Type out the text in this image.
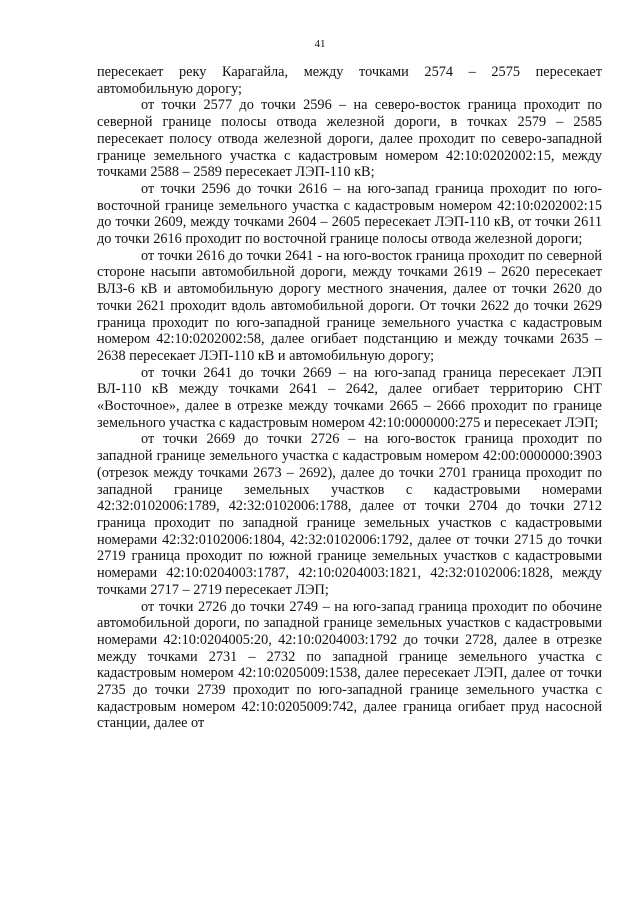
41

пересекает реку Карагайла, между точками 2574 – 2575 пересекает автомобильную дорогу;

от точки 2577 до точки 2596 – на северо-восток граница проходит по северной границе полосы отвода железной дороги, в точках 2579 – 2585 пересекает полосу отвода железной дороги, далее проходит по северо-западной границе земельного участка с кадастровым номером 42:10:0202002:15, между точками 2588 – 2589 пересекает ЛЭП-110 кВ;

от точки 2596 до точки 2616 – на юго-запад граница проходит по юго-восточной границе земельного участка с кадастровым номером 42:10:0202002:15 до точки 2609, между точками 2604 – 2605 пересекает ЛЭП-110 кВ, от точки 2611 до точки 2616 проходит по восточной границе полосы отвода железной дороги;

от точки 2616 до точки 2641 - на юго-восток граница проходит по северной стороне насыпи автомобильной дороги, между точками 2619 – 2620 пересекает ВЛЗ-6 кВ и автомобильную дорогу местного значения, далее от точки 2620 до точки 2621 проходит вдоль автомобильной дороги. От точки 2622 до точки 2629 граница проходит по юго-западной границе земельного участка с кадастровым номером 42:10:0202002:58, далее огибает подстанцию и между точками 2635 – 2638 пересекает ЛЭП-110 кВ и автомобильную дорогу;

от точки 2641 до точки 2669 – на юго-запад граница пересекает ЛЭП ВЛ-110 кВ между точками 2641 – 2642, далее огибает территорию СНТ «Восточное», далее в отрезке между точками 2665 – 2666 проходит по границе земельного участка с кадастровым номером 42:10:0000000:275 и пересекает ЛЭП;

от точки 2669 до точки 2726 – на юго-восток граница проходит по западной границе земельного участка с кадастровым номером 42:00:0000000:3903 (отрезок между точками 2673 – 2692), далее до точки 2701 граница проходит по западной границе земельных участков с кадастровыми номерами 42:32:0102006:1789, 42:32:0102006:1788, далее от точки 2704 до точки 2712 граница проходит по западной границе земельных участков с кадастровыми номерами 42:32:0102006:1804, 42:32:0102006:1792, далее от точки 2715 до точки 2719 граница проходит по южной границе земельных участков с кадастровыми номерами 42:10:0204003:1787, 42:10:0204003:1821, 42:32:0102006:1828, между точками 2717 – 2719 пересекает ЛЭП;

от точки 2726 до точки 2749 – на юго-запад граница проходит по обочине автомобильной дороги, по западной границе земельных участков с кадастровыми номерами 42:10:0204005:20, 42:10:0204003:1792 до точки 2728, далее в отрезке между точками 2731 – 2732 по западной границе земельного участка с кадастровым номером 42:10:0205009:1538, далее пересекает ЛЭП, далее от точки 2735 до точки 2739 проходит по юго-западной границе земельного участка с кадастровым номером 42:10:0205009:742, далее граница огибает пруд насосной станции, далее от
